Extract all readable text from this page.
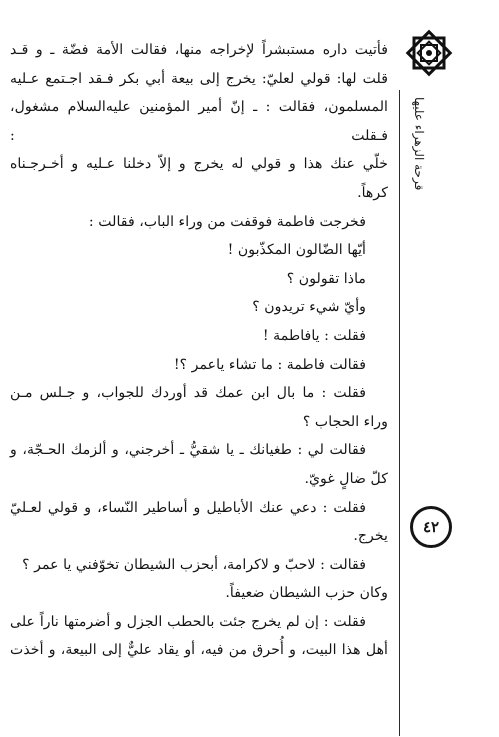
قرحة الزهراء عليها
٤٢

فأتيت داره مستبشراً لإخراجه منها، فقالت الأمة فضّة ـ و قـد

قلت لها: قولي لعليّ: يخرج إلى بيعة أبي بكر فـقد اجـتمع عـليه

المسلمون، فقالت : ـ إنّ أمير المؤمنين عليه‌السلام مشغول، فـقلت :

خلّي عنك هذا و قولي له يخرج و إلاّ دخلنا عـليه و أخـرجـناه

كرهاً.

فخرجت فاطمة فوقفت من وراء الباب، فقالت :

أيّها الضّالون المكذّبون !

ماذا تقولون ؟

وأيّ شيء تريدون ؟

فقلت : يافاطمة !

فقالت فاطمة : ما تشاء ياعمر ؟!

فقلت : ما بال ابن عمك قد أوردك للجواب، و جـلس مـن

وراء الحجاب ؟

فقالت لي : طغيانك ـ يا شقيُّ ـ أخرجني، و ألزمك الحـجّة، و

كلّ ضالٍ غويّ.

فقلت : دعي عنك الأباطيل و أساطير النّساء، و قولي لعـليّ

يخرج.

فقالت : لاحبّ و لاكرامة، أبحزب الشيطان تخوّفني يا عمر ؟

وكان حزب الشيطان ضعيفاً.

فقلت : إن لم يخرج جئت بالحطب الجزل و أضرمتها ناراً على

أهل هذا البيت، و أُحرق من فيه، أو يقاد عليٌّ إلى البيعة، و أخذت
